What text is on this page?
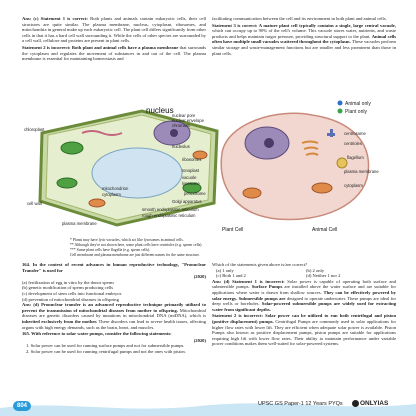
Ans: (c) Statement 1 is correct: Both plants and animals contain eukaryotic cells, their cell structures are quite similar. The plasma membrane, nucleus, cytoplasm, ribosomes, and mitochondria in general make up each eukaryotic cell. The plant cell differs significantly from other cells in that it has a hard cell wall surrounding it. While the cells of other species are surrounded by a cell wall, cellulose and proteins are present in plant cells.

Statement 2 is incorrect: Both plant and animal cells have a plasma membrane that surrounds the cytoplasm and regulates the movement of substances in and out of the cell. The plasma membrane is essential for maintaining homeostasis and

facilitating communication between the cell and its environment in both plant and animal cells.

Statement 3 is correct: A mature plant cell typically contains a single, large central vacuole, which can occupy up to 90% of the cell's volume. This vacuole stores water, nutrients, and waste products and helps maintain turgor pressure, providing structural support to the plant. Animal cells often have multiple small vacuoles scattered throughout the cytoplasm. These vacuoles perform similar storage and waste-management functions but are smaller and less prominent than those in plant cells.

nucleus
Plant Cell	Animal Cell
chloroplast
cell wall
plasma membrane
nuclear pore
nuclear envelope
chromatin
nucleolus
ribosomes
tonoplast
vacuole
lysosome
peroxisome
Golgi apparatus
smooth endoplasmic reticulum
rough endoplasmic reticulum
cytoplasm
mitochondrion
centrosome
centrioles
flagellum
plasma membrane
cytoplasm
Animal only
Plant only
* Plants may have lytic vacuoles, which act like lysosomes in animal cells.
** Although they're not shown here, some plant cells have centrioles (e.g. sperm cells).
*** Some plant cells have flagella (e.g. sperm cells).
Cell membrane and plasma membrane are just different names for the same structure.

164. In the context of recent advances in human reproductive technology, "Pronuclear Transfer" is used for

(2020)
(a) fertilization of egg in vitro by the donor sperm
(b) genetic modification of sperm producing cells
(c) development of stem cells into functional embryos
(d) prevention of mitochondrial diseases in offspring

Ans: (d) Pronuclear transfer is an advanced reproductive technique primarily utilized to prevent the transmission of mitochondrial diseases from mother to offspring. Mitochondrial diseases are genetic disorders caused by mutations in mitochondrial DNA (mtDNA), which is inherited exclusively from the mother. These disorders can lead to severe health issues, affecting organs with high energy demands, such as the brain, heart, and muscles.

165. With reference to solar water pumps, consider the following statements:

(2020)
1. Solar power can be used for running surface pumps and not for submersible pumps.
2. Solar power can be used for running centrifugal pumps and not the ones with piston.
Which of the statements given above is/are correct?
(a) 1 only	(b) 2 only
(c) Both 1 and 2	(d) Neither 1 nor 2

Ans: (d) Statement 1 is incorrect: Solar power is capable of operating both surface and submersible pumps. Surface Pumps are installed above the water surface and are suitable for applications where water is drawn from shallow sources. They can be effectively powered by solar energy. Submersible pumps are designed to operate underwater. These pumps are ideal for deep wells or boreholes. Solar-powered submersible pumps are widely used for extracting water from significant depths.

Statement 2 is incorrect: Solar power can be utilized to run both centrifugal and piston (positive displacement) pumps. Centrifugal Pumps are commonly used in solar applications for higher flow rates with lower lift. They are efficient when adequate solar power is available. Piston Pumps also known as positive displacement pumps, piston pumps are suitable for applications requiring high lift with lower flow rates. Their ability to maintain performance under variable power conditions makes them well-suited for solar-powered systems.

804	UPSC GS Paper-1 12 Years PYQs	ONLYIAS
